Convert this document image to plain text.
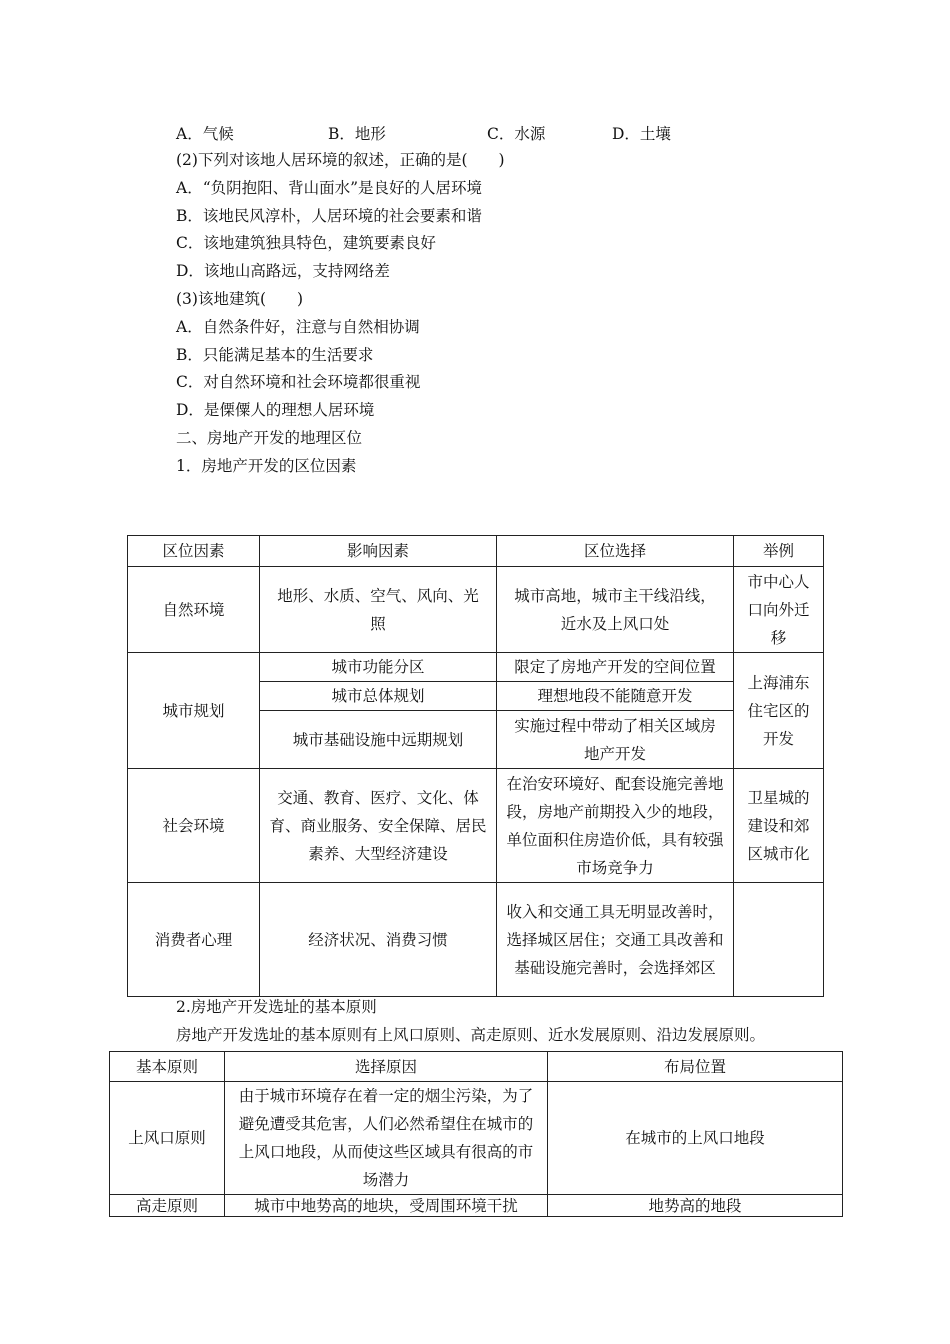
A．气候	B．地形	C．水源	D．土壤
(2)下列对该地人居环境的叙述，正确的是(　　)
A．“负阴抱阳、背山面水”是良好的人居环境
B．该地民风淳朴，人居环境的社会要素和谐
C．该地建筑独具特色，建筑要素良好
D．该地山高路远，支持网络差
(3)该地建筑(　　)
A．自然条件好，注意与自然相协调
B．只能满足基本的生活要求
C．对自然环境和社会环境都很重视
D．是傈僳人的理想人居环境
二、房地产开发的地理区位
1．房地产开发的区位因素
区位因素	影响因素	区位选择	举例
自然环境	地形、水质、空气、风向、光照	城市高地，城市主干线沿线，近水及上风口处	市中心人口向外迁移
城市规划	城市功能分区	限定了房地产开发的空间位置	上海浦东住宅区的开发
	城市总体规划	理想地段不能随意开发	
	城市基础设施中远期规划	实施过程中带动了相关区域房地产开发	
社会环境	交通、教育、医疗、文化、体育、商业服务、安全保障、居民素养、大型经济建设	在治安环境好、配套设施完善地段，房地产前期投入少的地段，单位面积住房造价低，具有较强市场竞争力	卫星城的建设和郊区城市化
消费者心理	经济状况、消费习惯	收入和交通工具无明显改善时，选择城区居住；交通工具改善和基础设施完善时，会选择郊区	
2.房地产开发选址的基本原则
房地产开发选址的基本原则有上风口原则、高走原则、近水发展原则、沿边发展原则。
基本原则	选择原因	布局位置
上风口原则	由于城市环境存在着一定的烟尘污染，为了避免遭受其危害，人们必然希望住在城市的上风口地段，从而使这些区域具有很高的市场潜力	在城市的上风口地段
高走原则	城市中地势高的地块，受周围环境干扰	地势高的地段
